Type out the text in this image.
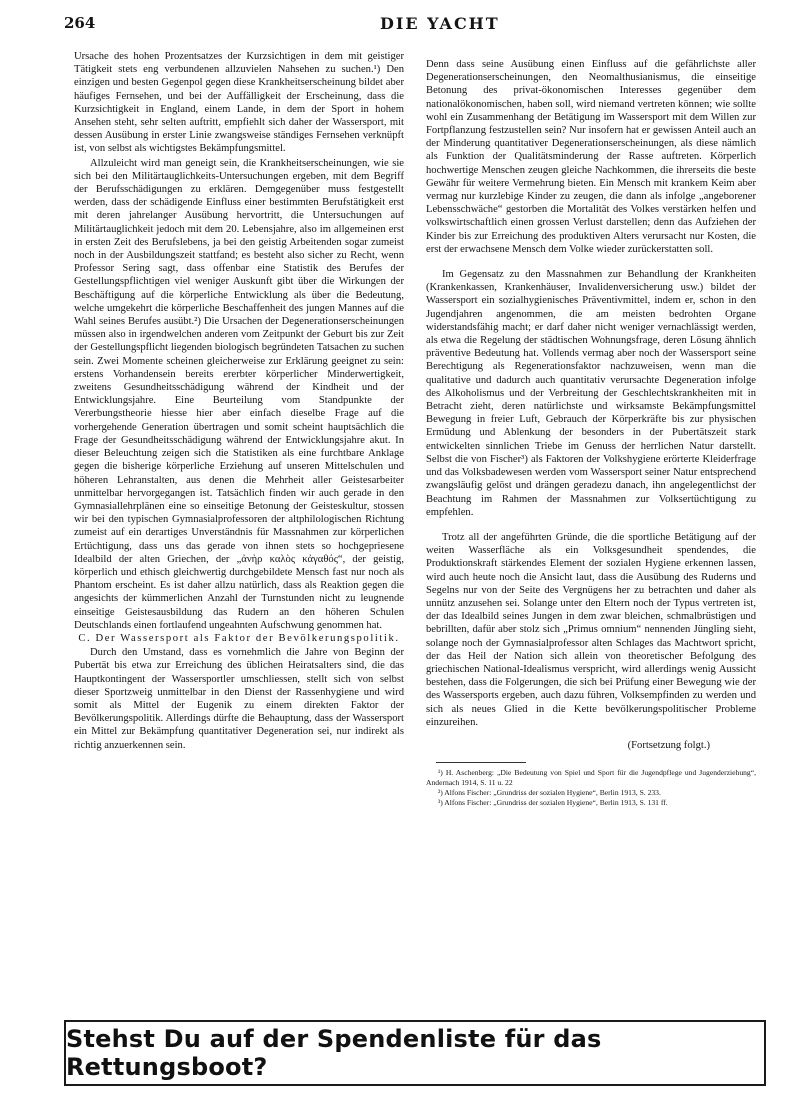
264	DIE YACHT

Ursache des hohen Prozentsatzes der Kurzsichtigen in dem mit geistiger Tätigkeit stets eng verbundenen allzuvielen Nahsehen zu suchen.¹) Den einzigen und besten Gegenpol gegen diese Krankheitserscheinung bildet aber häufiges Fernsehen, und bei der Auffälligkeit der Erscheinung, dass die Kurzsichtigkeit in England, einem Lande, in dem der Sport in hohem Ansehen steht, sehr selten auftritt, empfiehlt sich daher der Wassersport, mit dessen Ausübung in erster Linie zwangsweise ständiges Fernsehen verknüpft ist, von selbst als wichtigstes Bekämpfungsmittel.

Allzuleicht wird man geneigt sein, die Krankheitserscheinungen, wie sie sich bei den Militärtauglichkeits-Untersuchungen ergeben, mit dem Begriff der Berufsschädigungen zu erklären. Demgegenüber muss festgestellt werden, dass der schädigende Einfluss einer bestimmten Berufstätigkeit erst mit deren jahrelanger Ausübung hervortritt, die Untersuchungen auf Militärtauglichkeit jedoch mit dem 20. Lebensjahre, also im allgemeinen erst in ersten Zeit des Berufslebens, ja bei den geistig Arbeitenden sogar zumeist noch in der Ausbildungszeit stattfand; es besteht also sicher zu Recht, wenn Professor Sering sagt, dass offenbar eine Statistik des Berufes der Gestellungspflichtigen viel weniger Auskunft gibt über die Wirkungen der Beschäftigung auf die körperliche Entwicklung als über die Bedeutung, welche umgekehrt die körperliche Beschaffenheit des jungen Mannes auf die Wahl seines Berufes ausübt.²) Die Ursachen der Degenerationserscheinungen müssen also in irgendwelchen anderen vom Zeitpunkt der Geburt bis zur Zeit der Gestellungspflicht liegenden biologisch begründeten Tatsachen zu suchen sein. Zwei Momente scheinen gleicherweise zur Erklärung geeignet zu sein: erstens Vorhandensein bereits ererbter körperlicher Minderwertigkeit, zweitens Gesundheitsschädigung während der Kindheit und der Entwicklungsjahre. Eine Beurteilung vom Standpunkte der Vererbungstheorie hiesse hier aber einfach dieselbe Frage auf die vorhergehende Generation übertragen und somit scheint hauptsächlich die Frage der Gesundheitsschädigung während der Entwicklungsjahre akut. In dieser Beleuchtung zeigen sich die Statistiken als eine furchtbare Anklage gegen die bisherige körperliche Erziehung auf unseren Mittelschulen und höheren Lehranstalten, aus denen die Mehrheit aller Geistesarbeiter unmittelbar hervorgegangen ist. Tatsächlich finden wir auch gerade in den Gymnasiallehrplänen eine so einseitige Betonung der Geisteskultur, stossen wir bei den typischen Gymnasialprofessoren der altphilologischen Richtung zumeist auf ein derartiges Unverständnis für Massnahmen zur körperlichen Ertüchtigung, dass uns das gerade von ihnen stets so hochgepriesene Idealbild der alten Griechen, der „ἀνὴρ καλὸς κἀγαθός“, der geistig, körperlich und ethisch gleichwertig durchgebildete Mensch fast nur noch als Phantom erscheint. Es ist daher allzu natürlich, dass als Reaktion gegen die angesichts der kümmerlichen Anzahl der Turnstunden nicht zu leugnende einseitige Geistesausbildung das Rudern an den höheren Schulen Deutschlands einen fortlaufend ungeahnten Aufschwung genommen hat.

C. Der Wassersport als Faktor der Bevölkerungspolitik.

Durch den Umstand, dass es vornehmlich die Jahre von Beginn der Pubertät bis etwa zur Erreichung des üblichen Heiratsalters sind, die das Hauptkontingent der Wassersportler umschliessen, stellt sich von selbst dieser Sportzweig unmittelbar in den Dienst der Rassenhygiene und wird somit als Mittel der Eugenik zu einem direkten Faktor der Bevölkerungspolitik. Allerdings dürfte die Behauptung, dass der Wassersport ein Mittel zur Bekämpfung quantitativer Degeneration sei, nur indirekt als richtig anzuerkennen sein.

Denn dass seine Ausübung einen Einfluss auf die gefährlichste aller Degenerationserscheinungen, den Neomalthusianismus, die einseitige Betonung des privat-ökonomischen Interesses gegenüber dem nationalökonomischen, haben soll, wird niemand vertreten können; wie sollte wohl ein Zusammenhang der Betätigung im Wassersport mit dem Willen zur Fortpflanzung festzustellen sein? Nur insofern hat er gewissen Anteil auch an der Minderung quantitativer Degenerationserscheinungen, als diese nämlich als Funktion der Qualitätsminderung der Rasse auftreten. Körperlich hochwertige Menschen zeugen gleiche Nachkommen, die ihrerseits die beste Gewähr für weitere Vermehrung bieten. Ein Mensch mit krankem Keim aber vermag nur kurzlebige Kinder zu zeugen, die dann als infolge „angeborener Lebensschwäche“ gestorben die Mortalität des Volkes verstärken helfen und volkswirtschaftlich einen grossen Verlust darstellen; denn das Aufziehen der Kinder bis zur Erreichung des produktiven Alters verursacht nur Kosten, die erst der erwachsene Mensch dem Volke wieder zurückerstatten soll.

Im Gegensatz zu den Massnahmen zur Behandlung der Krankheiten (Krankenkassen, Krankenhäuser, Invalidenversicherung usw.) bildet der Wassersport ein sozialhygienisches Präventivmittel, indem er, schon in den Jugendjahren angenommen, die am meisten bedrohten Organe widerstandsfähig macht; er darf daher nicht weniger vernachlässigt werden, als etwa die Regelung der städtischen Wohnungsfrage, deren Lösung ähnlich präventive Bedeutung hat. Vollends vermag aber noch der Wassersport seine Berechtigung als Regenerationsfaktor nachzuweisen, wenn man die qualitative und dadurch auch quantitativ verursachte Degeneration infolge des Alkoholismus und der Verbreitung der Geschlechtskrankheiten mit in Betracht zieht, deren natürlichste und wirksamste Bekämpfungsmittel Bewegung in freier Luft, Gebrauch der Körperkräfte bis zur physischen Ermüdung und Ablenkung der besonders in der Pubertätszeit stark entwickelten sinnlichen Triebe im Genuss der herrlichen Natur darstellt. Selbst die von Fischer³) als Faktoren der Volkshygiene erörterte Kleiderfrage und das Volksbadewesen werden vom Wassersport seiner Natur entsprechend zwangsläufig gelöst und drängen geradezu danach, ihn angelegentlichst der Beachtung im Rahmen der Massnahmen zur Volksertüchtigung zu empfehlen.

Trotz all der angeführten Gründe, die die sportliche Betätigung auf der weiten Wasserfläche als ein Volksgesundheit spendendes, die Produktionskraft stärkendes Element der sozialen Hygiene erkennen lassen, wird auch heute noch die Ansicht laut, dass die Ausübung des Ruderns und Segelns nur von der Seite des Vergnügens her zu betrachten und daher als unnütz anzusehen sei. Solange unter den Eltern noch der Typus vertreten ist, der das Idealbild seines Jungen in dem zwar bleichen, schmalbrüstigen und bebrillten, dafür aber stolz sich „Primus omnium“ nennenden Jüngling sieht, solange noch der Gymnasialprofessor alten Schlages das Machtwort spricht, der das Heil der Nation sich allein von theoretischer Befolgung des griechischen National-Idealismus verspricht, wird allerdings wenig Aussicht bestehen, dass die Folgerungen, die sich bei Prüfung einer Bewegung wie der des Wassersports ergeben, auch dazu führen, Volksempfinden zu werden und sich als neues Glied in die Kette bevölkerungspolitischer Probleme einzureihen.

(Fortsetzung folgt.)

¹) H. Aschenberg: „Die Bedeutung von Spiel und Sport für die Jugendpflege und Jugenderziehung“, Andernach 1914, S. 11 u. 22

²) Alfons Fischer: „Grundriss der sozialen Hygiene“, Berlin 1913, S. 233.

³) Alfons Fischer: „Grundriss der sozialen Hygiene“, Berlin 1913, S. 131 ff.

Stehst Du auf der Spendenliste für das Rettungsboot?
